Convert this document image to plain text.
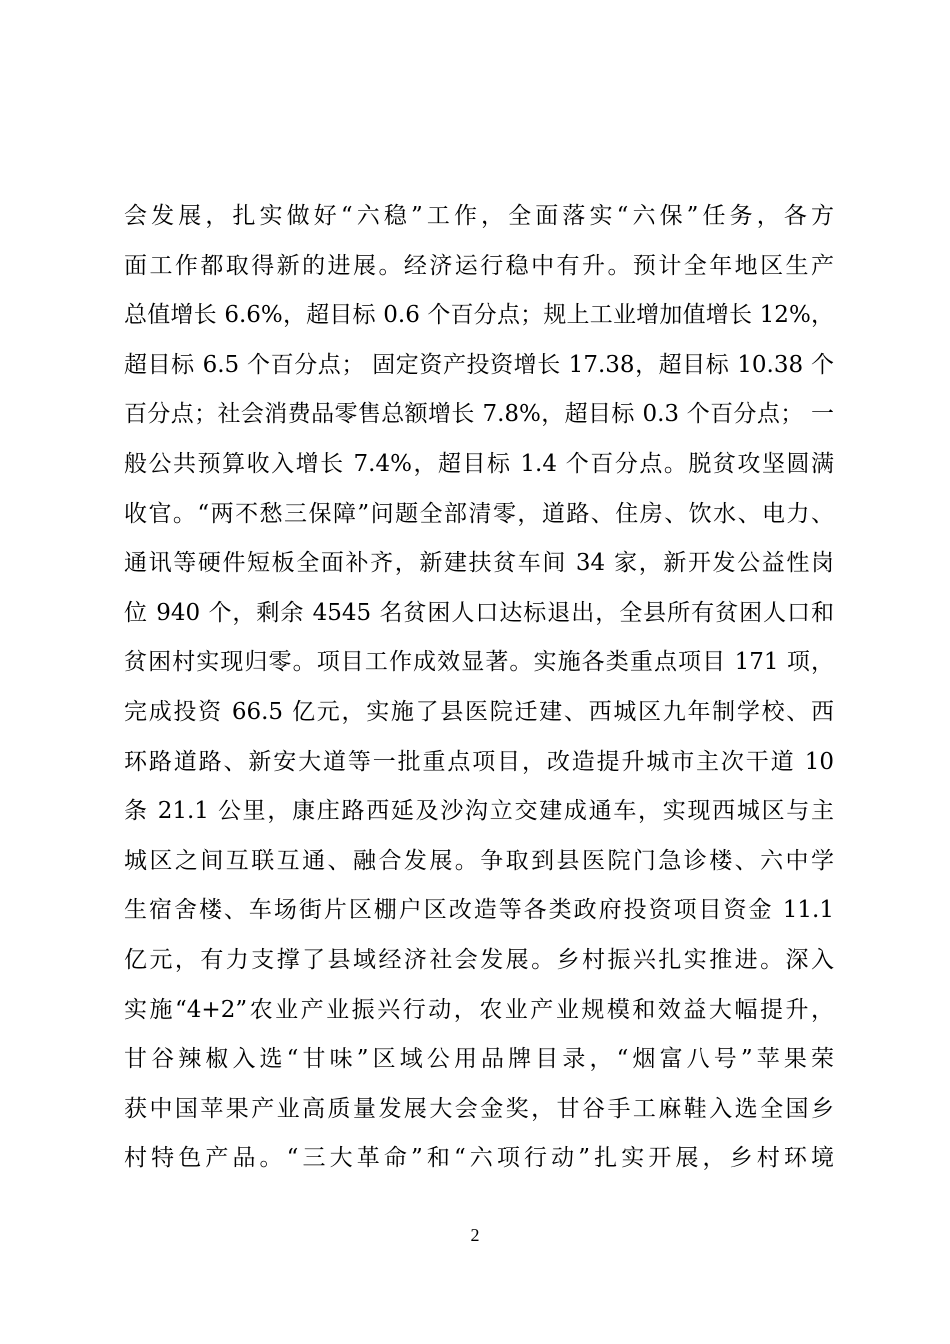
会发展，扎实做好“六稳”工作，全面落实“六保”任务，各方
面工作都取得新的进展。经济运行稳中有升。预计全年地区生产
总值增长 6.6%，超目标 0.6 个百分点；规上工业增加值增长 12%，
超目标 6.5 个百分点； 固定资产投资增长 17.38，超目标 10.38 个
百分点；社会消费品零售总额增长 7.8%，超目标 0.3 个百分点； 一
般公共预算收入增长 7.4%，超目标 1.4 个百分点。脱贫攻坚圆满
收官。“两不愁三保障”问题全部清零，道路、住房、饮水、电力、
通讯等硬件短板全面补齐，新建扶贫车间 34 家，新开发公益性岗
位 940 个，剩余 4545 名贫困人口达标退出，全县所有贫困人口和
贫困村实现归零。项目工作成效显著。实施各类重点项目 171 项，
完成投资 66.5 亿元，实施了县医院迁建、西城区九年制学校、西
环路道路、新安大道等一批重点项目，改造提升城市主次干道 10
条 21.1 公里，康庄路西延及沙沟立交建成通车，实现西城区与主
城区之间互联互通、融合发展。争取到县医院门急诊楼、六中学
生宿舍楼、车场街片区棚户区改造等各类政府投资项目资金 11.1
亿元，有力支撑了县域经济社会发展。乡村振兴扎实推进。深入
实施“4+2”农业产业振兴行动，农业产业规模和效益大幅提升，
甘谷辣椒入选“甘味”区域公用品牌目录，“烟富八号”苹果荣
获中国苹果产业高质量发展大会金奖，甘谷手工麻鞋入选全国乡
村特色产品。“三大革命”和“六项行动”扎实开展，乡村环境
2
